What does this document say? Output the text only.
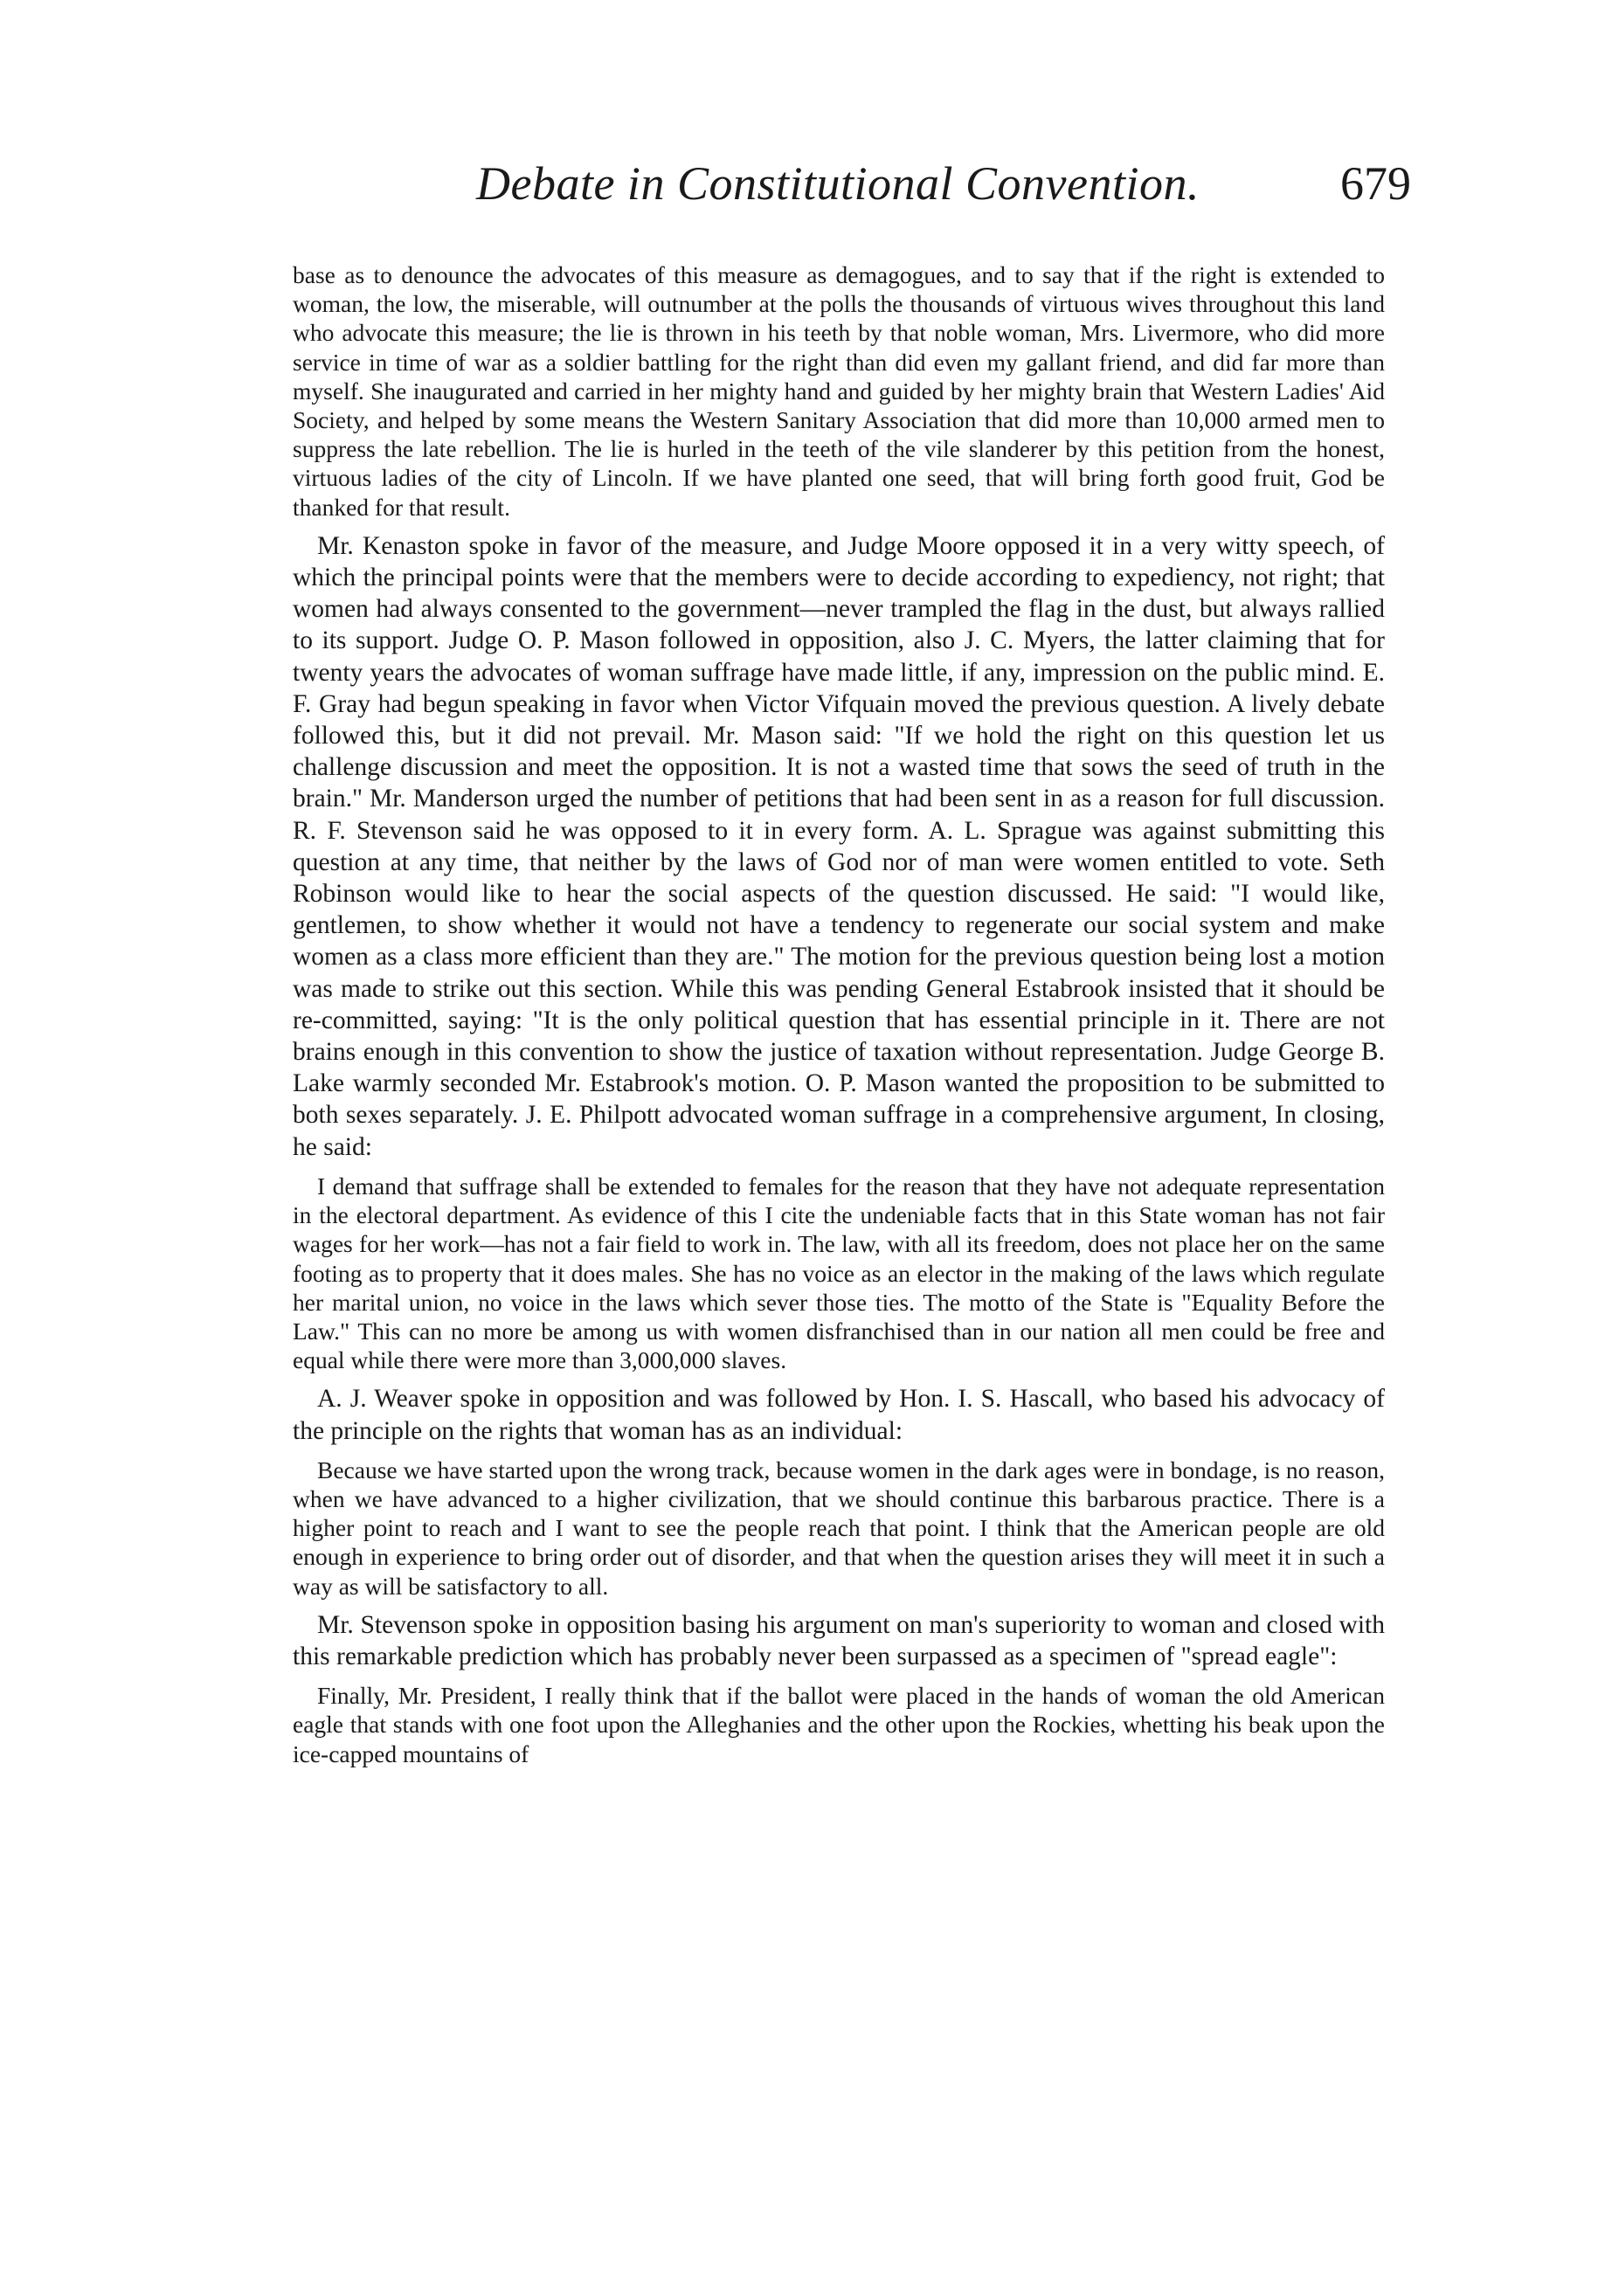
Debate in Constitutional Convention.	679

base as to denounce the advocates of this measure as demagogues, and to say that if the right is extended to woman, the low, the miserable, will outnumber at the polls the thousands of virtuous wives throughout this land who advocate this measure; the lie is thrown in his teeth by that noble woman, Mrs. Livermore, who did more service in time of war as a soldier battling for the right than did even my gallant friend, and did far more than myself. She inaugurated and carried in her mighty hand and guided by her mighty brain that Western Ladies' Aid Society, and helped by some means the Western Sanitary Association that did more than 10,000 armed men to suppress the late rebellion. The lie is hurled in the teeth of the vile slanderer by this petition from the honest, virtuous ladies of the city of Lincoln. If we have planted one seed, that will bring forth good fruit, God be thanked for that result.

Mr. Kenaston spoke in favor of the measure, and Judge Moore opposed it in a very witty speech, of which the principal points were that the members were to decide according to expediency, not right; that women had always consented to the government—never trampled the flag in the dust, but always rallied to its support. Judge O. P. Mason followed in opposition, also J. C. Myers, the latter claiming that for twenty years the advocates of woman suffrage have made little, if any, impression on the public mind. E. F. Gray had begun speaking in favor when Victor Vifquain moved the previous question. A lively debate followed this, but it did not prevail. Mr. Mason said: "If we hold the right on this question let us challenge discussion and meet the opposition. It is not a wasted time that sows the seed of truth in the brain." Mr. Manderson urged the number of petitions that had been sent in as a reason for full discussion. R. F. Stevenson said he was opposed to it in every form. A. L. Sprague was against submitting this question at any time, that neither by the laws of God nor of man were women entitled to vote. Seth Robinson would like to hear the social aspects of the question discussed. He said: "I would like, gentlemen, to show whether it would not have a tendency to regenerate our social system and make women as a class more efficient than they are." The motion for the previous question being lost a motion was made to strike out this section. While this was pending General Estabrook insisted that it should be re-committed, saying: "It is the only political question that has essential principle in it. There are not brains enough in this convention to show the justice of taxation without representation. Judge George B. Lake warmly seconded Mr. Estabrook's motion. O. P. Mason wanted the proposition to be submitted to both sexes separately. J. E. Philpott advocated woman suffrage in a comprehensive argument, In closing, he said:

I demand that suffrage shall be extended to females for the reason that they have not adequate representation in the electoral department. As evidence of this I cite the undeniable facts that in this State woman has not fair wages for her work—has not a fair field to work in. The law, with all its freedom, does not place her on the same footing as to property that it does males. She has no voice as an elector in the making of the laws which regulate her marital union, no voice in the laws which sever those ties. The motto of the State is "Equality Before the Law." This can no more be among us with women disfranchised than in our nation all men could be free and equal while there were more than 3,000,000 slaves.

A. J. Weaver spoke in opposition and was followed by Hon. I. S. Hascall, who based his advocacy of the principle on the rights that woman has as an individual:

Because we have started upon the wrong track, because women in the dark ages were in bondage, is no reason, when we have advanced to a higher civilization, that we should continue this barbarous practice. There is a higher point to reach and I want to see the people reach that point. I think that the American people are old enough in experience to bring order out of disorder, and that when the question arises they will meet it in such a way as will be satisfactory to all.

Mr. Stevenson spoke in opposition basing his argument on man's superiority to woman and closed with this remarkable prediction which has probably never been surpassed as a specimen of "spread eagle":

Finally, Mr. President, I really think that if the ballot were placed in the hands of woman the old American eagle that stands with one foot upon the Alleghanies and the other upon the Rockies, whetting his beak upon the ice-capped mountains of
